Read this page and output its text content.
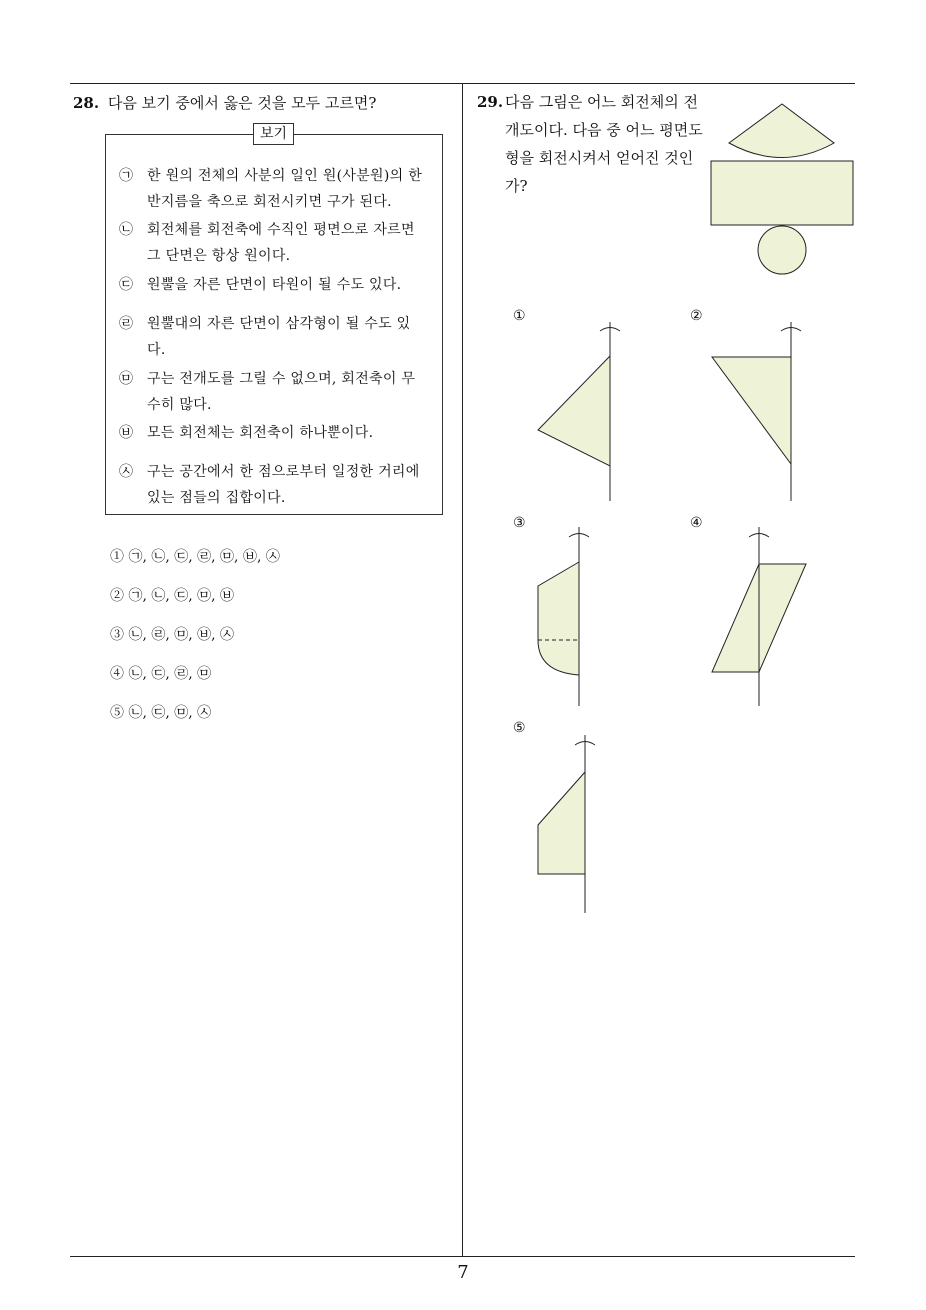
28. 다음 보기 중에서 옳은 것을 모두 고르면?
보기
㉠ 한 원의 전체의 사분의 일인 원(사분원)의 한 반지름을 축으로 회전시키면 구가 된다.
㉡ 회전체를 회전축에 수직인 평면으로 자르면 그 단면은 항상 원이다.
㉢ 원뿔을 자른 단면이 타원이 될 수도 있다.
㉣ 원뿔대의 자른 단면이 삼각형이 될 수도 있다.
㉤ 구는 전개도를 그릴 수 없으며, 회전축이 무수히 많다.
㉥ 모든 회전체는 회전축이 하나뿐이다.
㉦ 구는 공간에서 한 점으로부터 일정한 거리에 있는 점들의 집합이다.
① ㉠, ㉡, ㉢, ㉣, ㉤, ㉥, ㉦
② ㉠, ㉡, ㉢, ㉤, ㉥
③ ㉡, ㉣, ㉤, ㉥, ㉦
④ ㉡, ㉢, ㉣, ㉤
⑤ ㉡, ㉢, ㉤, ㉦
29. 다음 그림은 어느 회전체의 전개도이다. 다음 중 어느 평면도형을 회전시켜서 얻어진 것인가?
①	②
③	④
⑤
7
